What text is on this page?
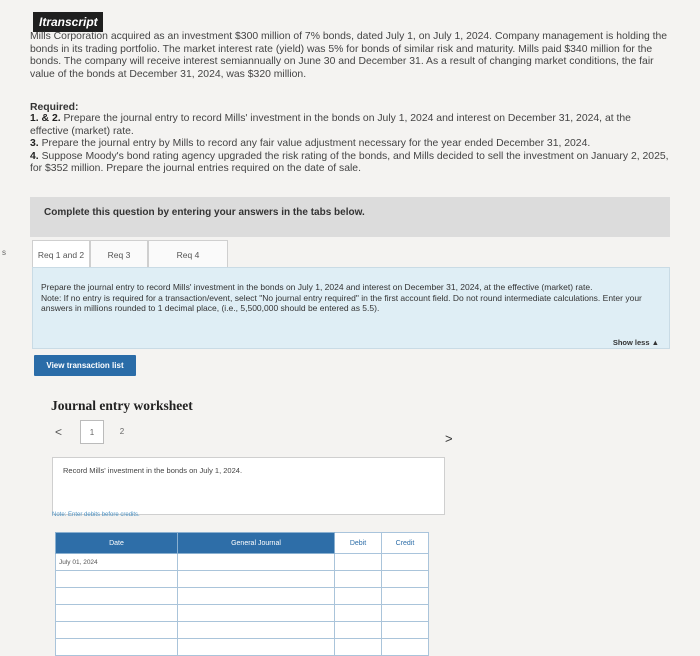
Itranscript
Mills Corporation acquired as an investment $300 million of 7% bonds, dated July 1, on July 1, 2024. Company management is holding the bonds in its trading portfolio. The market interest rate (yield) was 5% for bonds of similar risk and maturity. Mills paid $340 million for the bonds. The company will receive interest semiannually on June 30 and December 31. As a result of changing market conditions, the fair value of the bonds at December 31, 2024, was $320 million.
Required:

1. & 2. Prepare the journal entry to record Mills' investment in the bonds on July 1, 2024 and interest on December 31, 2024, at the effective (market) rate.

3. Prepare the journal entry by Mills to record any fair value adjustment necessary for the year ended December 31, 2024.

4. Suppose Moody's bond rating agency upgraded the risk rating of the bonds, and Mills decided to sell the investment on January 2, 2025, for $352 million. Prepare the journal entries required on the date of sale.

Complete this question by entering your answers in the tabs below.
s	Req 1 and 2	Req 3	Req 4

Prepare the journal entry to record Mills' investment in the bonds on July 1, 2024 and interest on December 31, 2024, at the effective (market) rate.

Note: If no entry is required for a transaction/event, select "No journal entry required" in the first account field. Do not round intermediate calculations. Enter your answers in millions rounded to 1 decimal place, (i.e., 5,500,000 should be entered as 5.5).

Show less ▲
View transaction list
Journal entry worksheet
<	1	2	>
Record Mills' investment in the bonds on July 1, 2024.
Note: Enter debits before credits.
Date	General Journal	Debit	Credit
July 01, 2024			
